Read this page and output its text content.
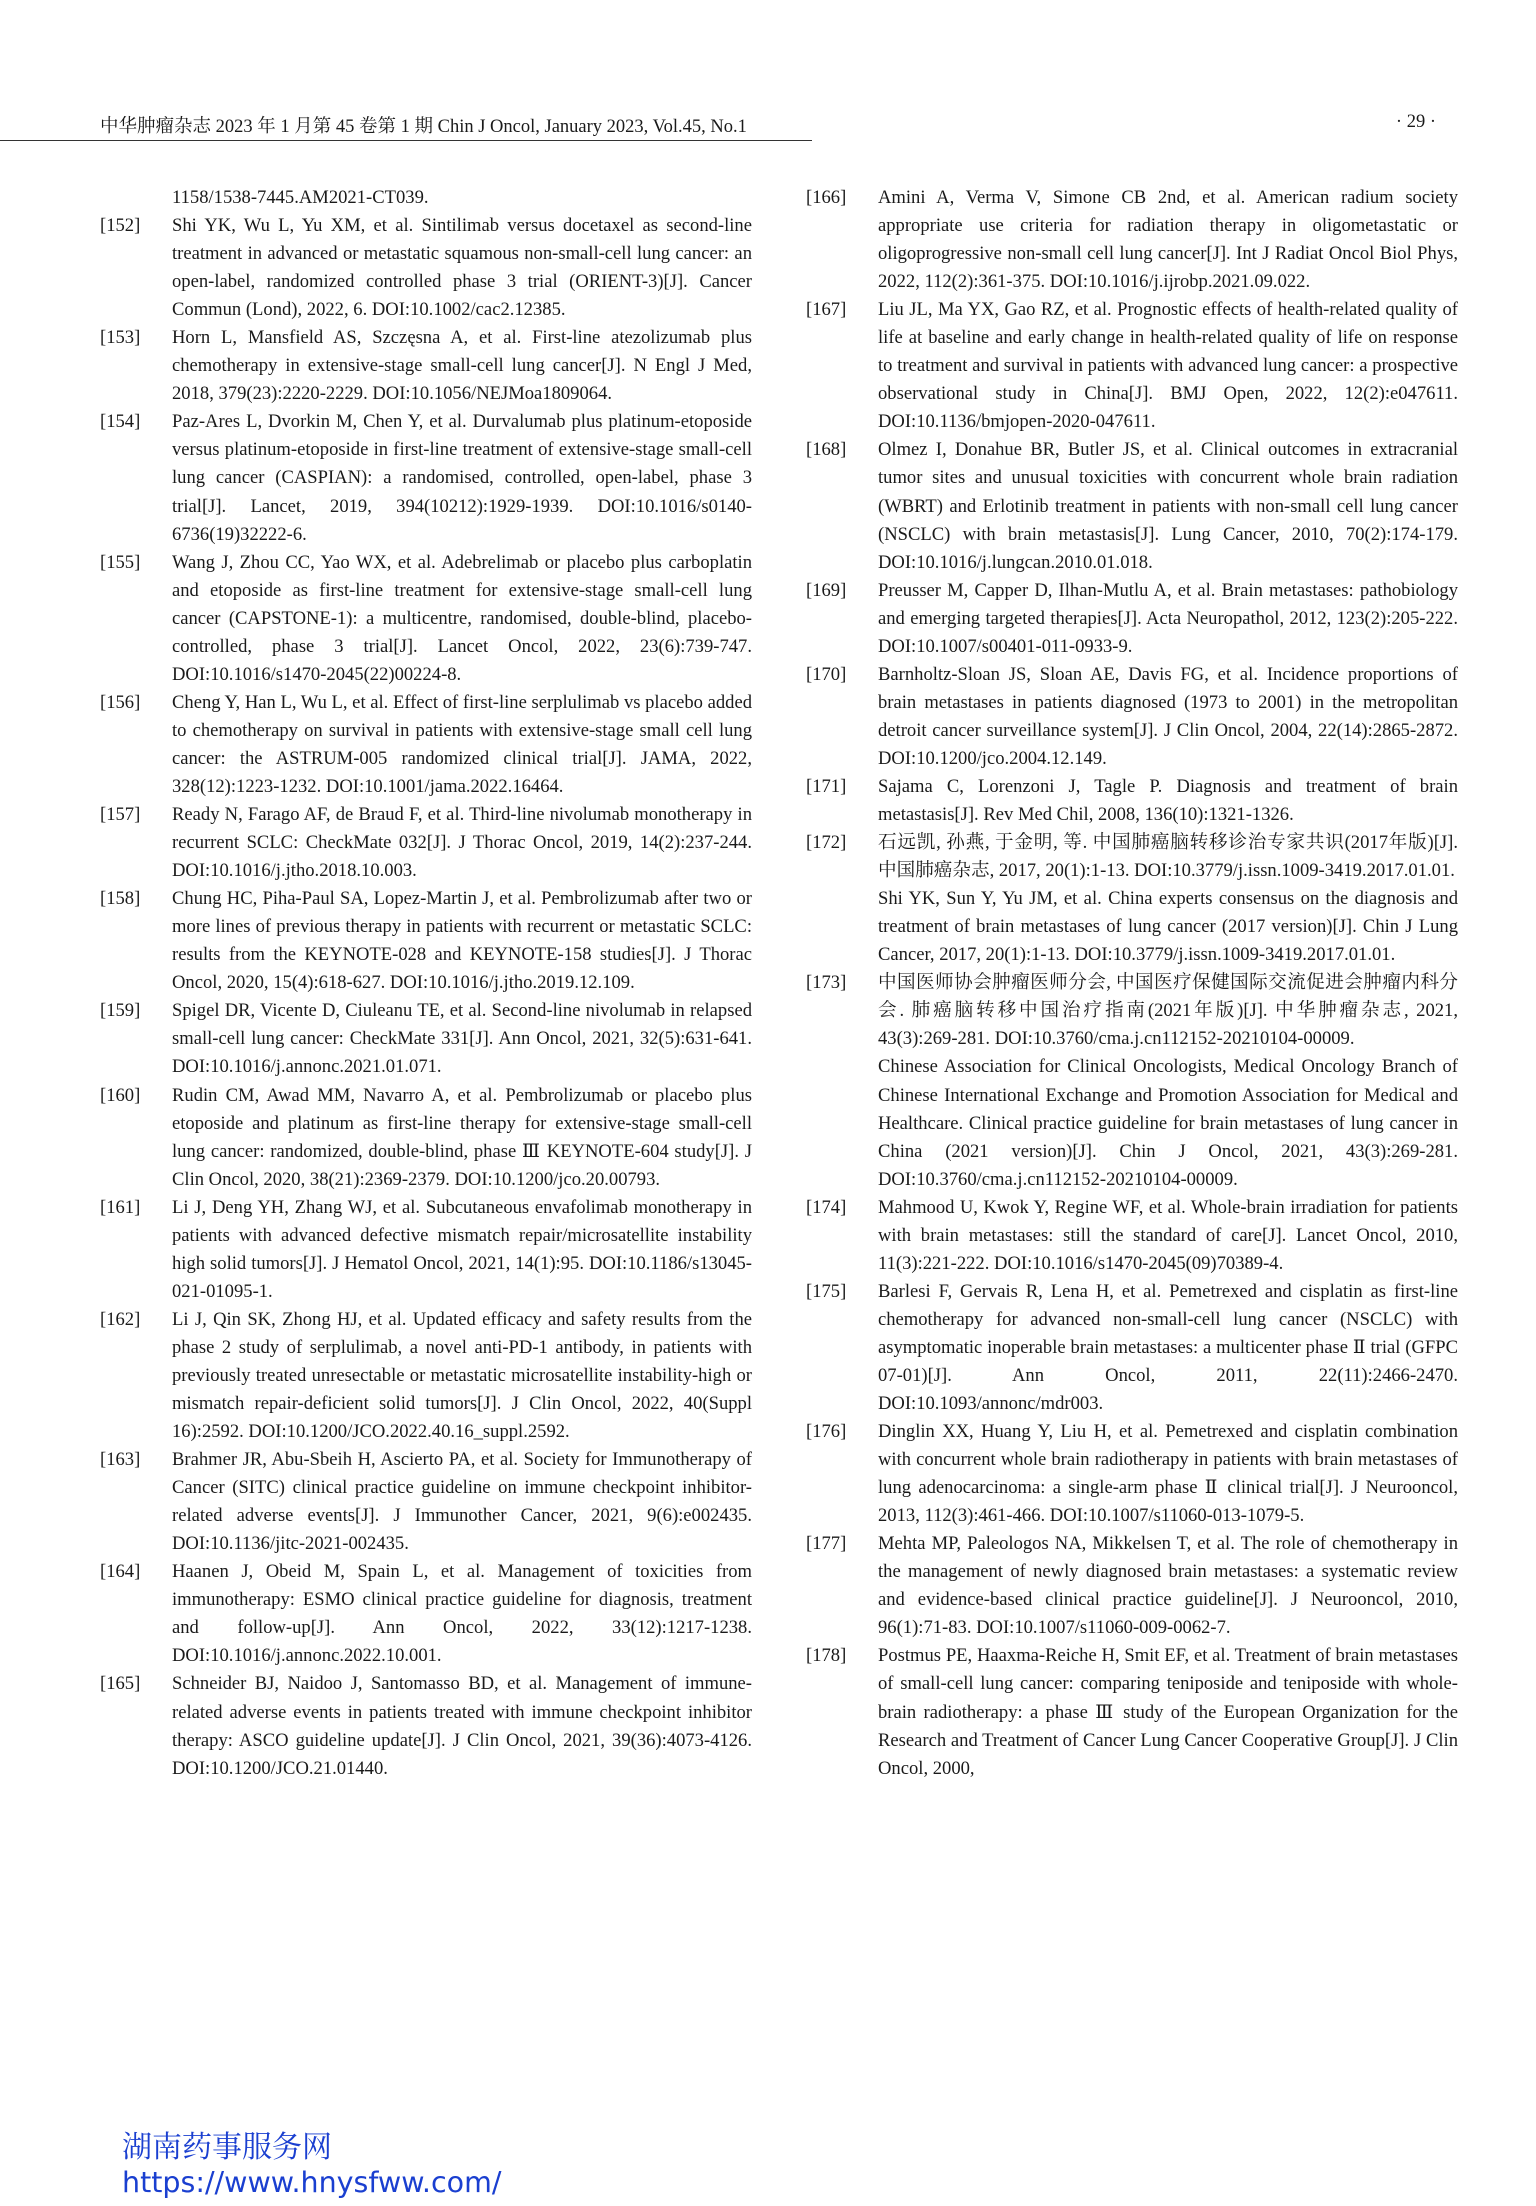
中华肿瘤杂志 2023 年 1 月第 45 卷第 1 期 Chin J Oncol, January 2023, Vol.45, No.1	· 29 ·
1158/1538-7445.AM2021-CT039.
[152]	Shi YK, Wu L, Yu XM, et al. Sintilimab versus docetaxel as second-line treatment in advanced or metastatic squamous non-small-cell lung cancer: an open-label, randomized controlled phase 3 trial (ORIENT-3)[J]. Cancer Commun (Lond), 2022, 6. DOI:10.1002/cac2.12385.
[153]	Horn L, Mansfield AS, Szczęsna A, et al. First-line atezolizumab plus chemotherapy in extensive-stage small-cell lung cancer[J]. N Engl J Med, 2018, 379(23):2220-2229. DOI:10.1056/NEJMoa1809064.
[154]	Paz-Ares L, Dvorkin M, Chen Y, et al. Durvalumab plus platinum-etoposide versus platinum-etoposide in first-line treatment of extensive-stage small-cell lung cancer (CASPIAN): a randomised, controlled, open-label, phase 3 trial[J]. Lancet, 2019, 394(10212):1929-1939. DOI:10.1016/s0140-6736(19)32222-6.
[155]	Wang J, Zhou CC, Yao WX, et al. Adebrelimab or placebo plus carboplatin and etoposide as first-line treatment for extensive-stage small-cell lung cancer (CAPSTONE-1): a multicentre, randomised, double-blind, placebo-controlled, phase 3 trial[J]. Lancet Oncol, 2022, 23(6):739-747. DOI:10.1016/s1470-2045(22)00224-8.
[156]	Cheng Y, Han L, Wu L, et al. Effect of first-line serplulimab vs placebo added to chemotherapy on survival in patients with extensive-stage small cell lung cancer: the ASTRUM-005 randomized clinical trial[J]. JAMA, 2022, 328(12):1223-1232. DOI:10.1001/jama.2022.16464.
[157]	Ready N, Farago AF, de Braud F, et al. Third-line nivolumab monotherapy in recurrent SCLC: CheckMate 032[J]. J Thorac Oncol, 2019, 14(2):237-244. DOI:10.1016/j.jtho.2018.10.003.
[158]	Chung HC, Piha-Paul SA, Lopez-Martin J, et al. Pembrolizumab after two or more lines of previous therapy in patients with recurrent or metastatic SCLC: results from the KEYNOTE-028 and KEYNOTE-158 studies[J]. J Thorac Oncol, 2020, 15(4):618-627. DOI:10.1016/j.jtho.2019.12.109.
[159]	Spigel DR, Vicente D, Ciuleanu TE, et al. Second-line nivolumab in relapsed small-cell lung cancer: CheckMate 331[J]. Ann Oncol, 2021, 32(5):631-641. DOI:10.1016/j.annonc.2021.01.071.
[160]	Rudin CM, Awad MM, Navarro A, et al. Pembrolizumab or placebo plus etoposide and platinum as first-line therapy for extensive-stage small-cell lung cancer: randomized, double-blind, phase Ⅲ KEYNOTE-604 study[J]. J Clin Oncol, 2020, 38(21):2369-2379. DOI:10.1200/jco.20.00793.
[161]	Li J, Deng YH, Zhang WJ, et al. Subcutaneous envafolimab monotherapy in patients with advanced defective mismatch repair/microsatellite instability high solid tumors[J]. J Hematol Oncol, 2021, 14(1):95. DOI:10.1186/s13045-021-01095-1.
[162]	Li J, Qin SK, Zhong HJ, et al. Updated efficacy and safety results from the phase 2 study of serplulimab, a novel anti-PD-1 antibody, in patients with previously treated unresectable or metastatic microsatellite instability-high or mismatch repair-deficient solid tumors[J]. J Clin Oncol, 2022, 40(Suppl 16):2592. DOI:10.1200/JCO.2022.40.16_suppl.2592.
[163]	Brahmer JR, Abu-Sbeih H, Ascierto PA, et al. Society for Immunotherapy of Cancer (SITC) clinical practice guideline on immune checkpoint inhibitor-related adverse events[J]. J Immunother Cancer, 2021, 9(6):e002435. DOI:10.1136/jitc-2021-002435.
[164]	Haanen J, Obeid M, Spain L, et al. Management of toxicities from immunotherapy: ESMO clinical practice guideline for diagnosis, treatment and follow-up[J]. Ann Oncol, 2022, 33(12):1217-1238. DOI:10.1016/j.annonc.2022.10.001.
[165]	Schneider BJ, Naidoo J, Santomasso BD, et al. Management of immune-related adverse events in patients treated with immune checkpoint inhibitor therapy: ASCO guideline update[J]. J Clin Oncol, 2021, 39(36):4073-4126. DOI:10.1200/JCO.21.01440.
[166]	Amini A, Verma V, Simone CB 2nd, et al. American radium society appropriate use criteria for radiation therapy in oligometastatic or oligoprogressive non-small cell lung cancer[J]. Int J Radiat Oncol Biol Phys, 2022, 112(2):361-375. DOI:10.1016/j.ijrobp.2021.09.022.
[167]	Liu JL, Ma YX, Gao RZ, et al. Prognostic effects of health-related quality of life at baseline and early change in health-related quality of life on response to treatment and survival in patients with advanced lung cancer: a prospective observational study in China[J]. BMJ Open, 2022, 12(2):e047611. DOI:10.1136/bmjopen-2020-047611.
[168]	Olmez I, Donahue BR, Butler JS, et al. Clinical outcomes in extracranial tumor sites and unusual toxicities with concurrent whole brain radiation (WBRT) and Erlotinib treatment in patients with non-small cell lung cancer (NSCLC) with brain metastasis[J]. Lung Cancer, 2010, 70(2):174-179. DOI:10.1016/j.lungcan.2010.01.018.
[169]	Preusser M, Capper D, Ilhan-Mutlu A, et al. Brain metastases: pathobiology and emerging targeted therapies[J]. Acta Neuropathol, 2012, 123(2):205-222. DOI:10.1007/s00401-011-0933-9.
[170]	Barnholtz-Sloan JS, Sloan AE, Davis FG, et al. Incidence proportions of brain metastases in patients diagnosed (1973 to 2001) in the metropolitan detroit cancer surveillance system[J]. J Clin Oncol, 2004, 22(14):2865-2872. DOI:10.1200/jco.2004.12.149.
[171]	Sajama C, Lorenzoni J, Tagle P. Diagnosis and treatment of brain metastasis[J]. Rev Med Chil, 2008, 136(10):1321-1326.
[172]	石远凯, 孙燕, 于金明, 等. 中国肺癌脑转移诊治专家共识(2017年版)[J]. 中国肺癌杂志, 2017, 20(1):1-13. DOI:10.3779/j.issn.1009-3419.2017.01.01.
Shi YK, Sun Y, Yu JM, et al. China experts consensus on the diagnosis and treatment of brain metastases of lung cancer (2017 version)[J]. Chin J Lung Cancer, 2017, 20(1):1-13. DOI:10.3779/j.issn.1009-3419.2017.01.01.
[173]	中国医师协会肿瘤医师分会, 中国医疗保健国际交流促进会肿瘤内科分会. 肺癌脑转移中国治疗指南(2021年版)[J]. 中华肿瘤杂志, 2021, 43(3):269-281. DOI:10.3760/cma.j.cn112152-20210104-00009.
Chinese Association for Clinical Oncologists, Medical Oncology Branch of Chinese International Exchange and Promotion Association for Medical and Healthcare. Clinical practice guideline for brain metastases of lung cancer in China (2021 version)[J]. Chin J Oncol, 2021, 43(3):269-281. DOI:10.3760/cma.j.cn112152-20210104-00009.
[174]	Mahmood U, Kwok Y, Regine WF, et al. Whole-brain irradiation for patients with brain metastases: still the standard of care[J]. Lancet Oncol, 2010, 11(3):221-222. DOI:10.1016/s1470-2045(09)70389-4.
[175]	Barlesi F, Gervais R, Lena H, et al. Pemetrexed and cisplatin as first-line chemotherapy for advanced non-small-cell lung cancer (NSCLC) with asymptomatic inoperable brain metastases: a multicenter phase Ⅱ trial (GFPC 07-01)[J]. Ann Oncol, 2011, 22(11):2466-2470. DOI:10.1093/annonc/mdr003.
[176]	Dinglin XX, Huang Y, Liu H, et al. Pemetrexed and cisplatin combination with concurrent whole brain radiotherapy in patients with brain metastases of lung adenocarcinoma: a single-arm phase Ⅱ clinical trial[J]. J Neurooncol, 2013, 112(3):461-466. DOI:10.1007/s11060-013-1079-5.
[177]	Mehta MP, Paleologos NA, Mikkelsen T, et al. The role of chemotherapy in the management of newly diagnosed brain metastases: a systematic review and evidence-based clinical practice guideline[J]. J Neurooncol, 2010, 96(1):71-83. DOI:10.1007/s11060-009-0062-7.
[178]	Postmus PE, Haaxma-Reiche H, Smit EF, et al. Treatment of brain metastases of small-cell lung cancer: comparing teniposide and teniposide with whole-brain radiotherapy: a phase Ⅲ study of the European Organization for the Research and Treatment of Cancer Lung Cancer Cooperative Group[J]. J Clin Oncol, 2000,
湖南药事服务网
https://www.hnysfww.com/
